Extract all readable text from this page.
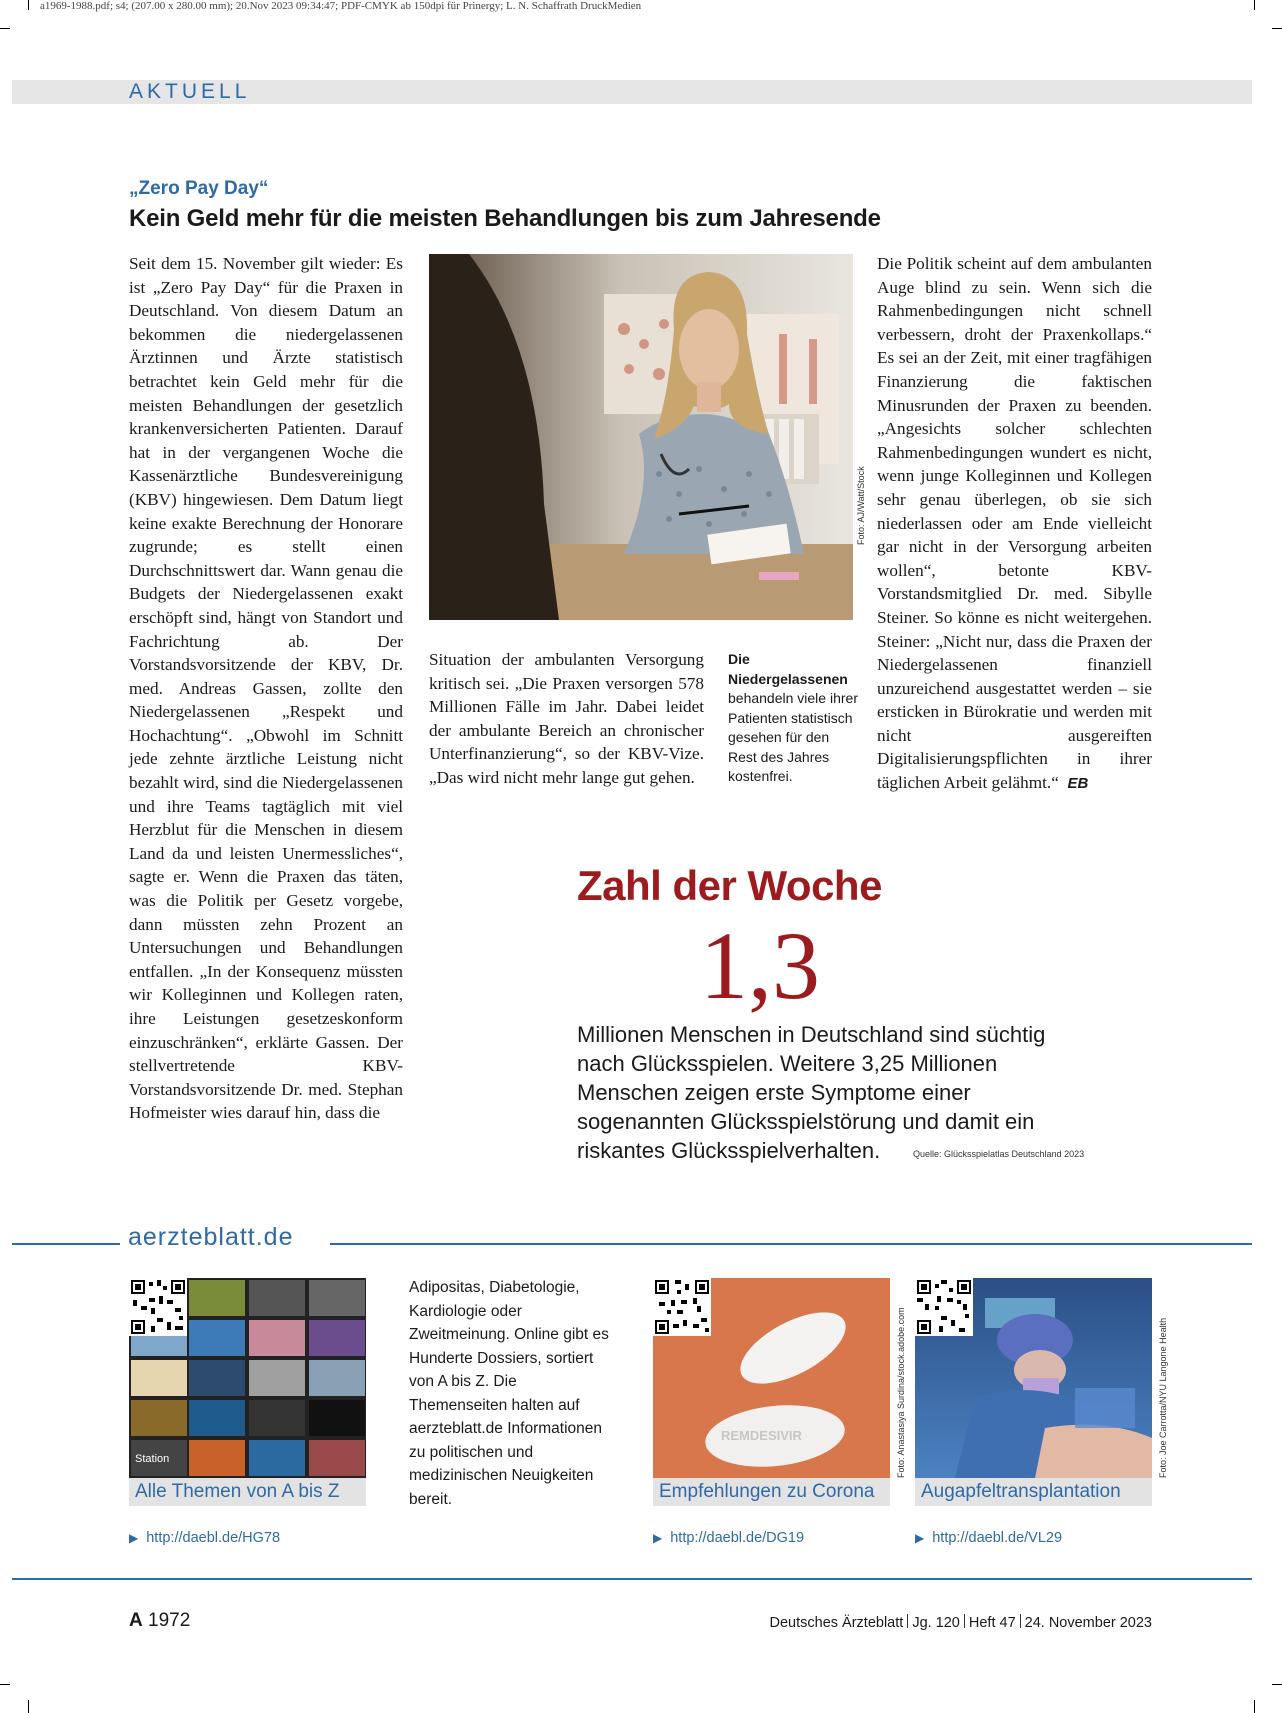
a1969-1988.pdf; s4; (207.00 x 280.00 mm); 20.Nov 2023 09:34:47; PDF-CMYK ab 150dpi für Prinergy; L. N. Schaffrath DruckMedien
AKTUELL
„Zero Pay Day“
Kein Geld mehr für die meisten Behandlungen bis zum Jahresende
Seit dem 15. November gilt wieder: Es ist „Zero Pay Day“ für die Praxen in Deutschland. Von diesem Datum an bekommen die niedergelassenen Ärztinnen und Ärzte statistisch betrachtet kein Geld mehr für die meisten Behandlungen der gesetzlich krankenversicherten Patienten. Darauf hat in der vergangenen Woche die Kassenärztliche Bundesvereinigung (KBV) hingewiesen. Dem Datum liegt keine exakte Berechnung der Honorare zugrunde; es stellt einen Durchschnittswert dar. Wann genau die Budgets der Niedergelassenen exakt erschöpft sind, hängt von Standort und Fachrichtung ab. Der Vorstandsvorsitzende der KBV, Dr. med. Andreas Gassen, zollte den Niedergelassenen „Respekt und Hochachtung“. „Obwohl im Schnitt jede zehnte ärztliche Leistung nicht bezahlt wird, sind die Niedergelassenen und ihre Teams tagtäglich mit viel Herzblut für die Menschen in diesem Land da und leisten Unermessliches“, sagte er. Wenn die Praxen das täten, was die Politik per Gesetz vorgebe, dann müssten zehn Prozent an Untersuchungen und Behandlungen entfallen. „In der Konsequenz müssten wir Kolleginnen und Kollegen raten, ihre Leistungen gesetzeskonform einzuschränken“, erklärte Gassen. Der stellvertretende KBV-Vorstandsvorsitzende Dr. med. Stephan Hofmeister wies darauf hin, dass die
Foto: AJ/Watt/Stock
Situation der ambulanten Versorgung kritisch sei. „Die Praxen versorgen 578 Millionen Fälle im Jahr. Dabei leidet der ambulante Bereich an chronischer Unterfinanzierung“, so der KBV-Vize. „Das wird nicht mehr lange gut gehen.
Die Niedergelassenen behandeln viele ihrer Patienten statistisch gesehen für den Rest des Jahres kostenfrei.
Die Politik scheint auf dem ambulanten Auge blind zu sein. Wenn sich die Rahmenbedingungen nicht schnell verbessern, droht der Praxenkollaps.“ Es sei an der Zeit, mit einer tragfähigen Finanzierung die faktischen Minusrunden der Praxen zu beenden. „Angesichts solcher schlechten Rahmenbedingungen wundert es nicht, wenn junge Kolleginnen und Kollegen sehr genau überlegen, ob sie sich niederlassen oder am Ende vielleicht gar nicht in der Versorgung arbeiten wollen“, betonte KBV-Vorstandsmitglied Dr. med. Sibylle Steiner. So könne es nicht weitergehen. Steiner: „Nicht nur, dass die Praxen der Niedergelassenen finanziell unzureichend ausgestattet werden – sie ersticken in Bürokratie und werden mit nicht ausgereiften Digitalisierungspflichten in ihrer täglichen Arbeit gelähmt.“ EB
Zahl der Woche
1,3
Millionen Menschen in Deutschland sind süchtig nach Glücksspielen. Weitere 3,25 Millionen Menschen zeigen erste Symptome einer sogenannten Glücksspielstörung und damit ein riskantes Glücksspielverhalten.	Quelle: Glücksspielatlas Deutschland 2023
aerzteblatt.de
Station
Alle Themen von A bis Z
Adipositas, Diabetologie, Kardiologie oder Zweitmeinung. Online gibt es Hunderte Dossiers, sortiert von A bis Z. Die Themenseiten halten auf aerzteblatt.de Informationen zu politischen und medizinischen Neuigkeiten bereit.
REMDESIVIR
Empfehlungen zu Corona
Foto: Anastasiya Surdina/stock.adobe.com
Augapfeltransplantation
Foto: Joe Carrotta/NYU Langone Health
▶ http://daebl.de/HG78	▶ http://daebl.de/DG19	▶ http://daebl.de/VL29
A 1972	Deutsches Ärzteblatt Jg. 120 Heft 47 24. November 2023
